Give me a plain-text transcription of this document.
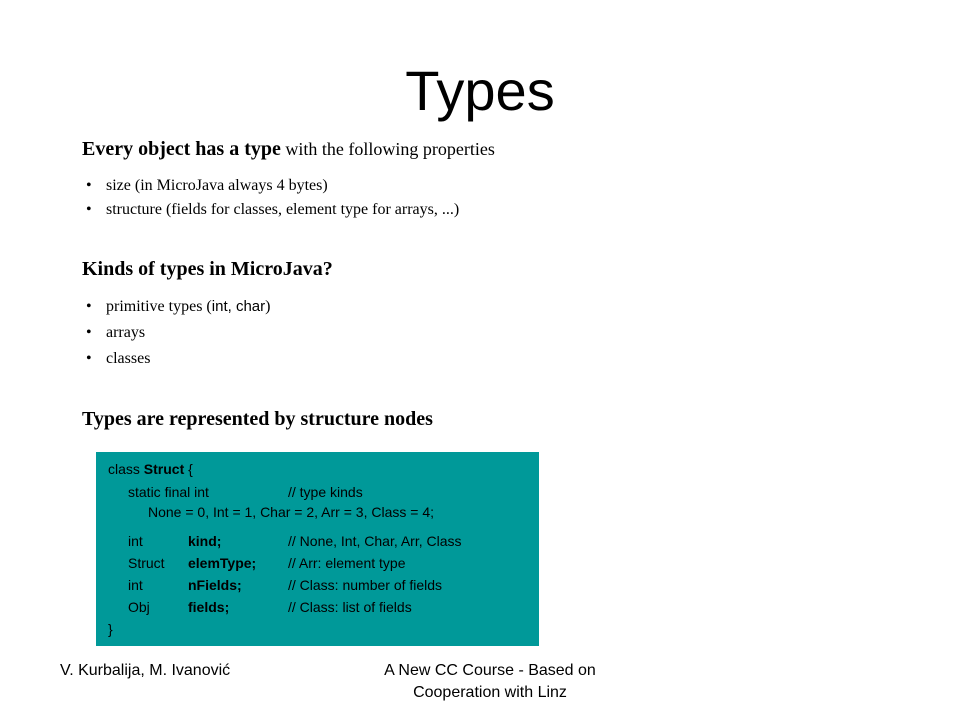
Types
Every object has a type with the following properties
• size (in MicroJava always 4 bytes)
• structure (fields for classes, element type for arrays, ...)
Kinds of types in MicroJava?
• primitive types (int, char)
• arrays
• classes
Types are represented by structure nodes
class Struct {
static final int	// type kinds
None = 0, Int = 1, Char = 2, Arr = 3, Class = 4;
int	kind;	// None, Int, Char, Arr, Class
Struct elemType; // Arr: element type
int	nFields;	// Class: number of fields
Obj	fields;	// Class: list of fields
}
V. Kurbalija, M. Ivanović	A New CC Course - Based on
Cooperation with Linz
